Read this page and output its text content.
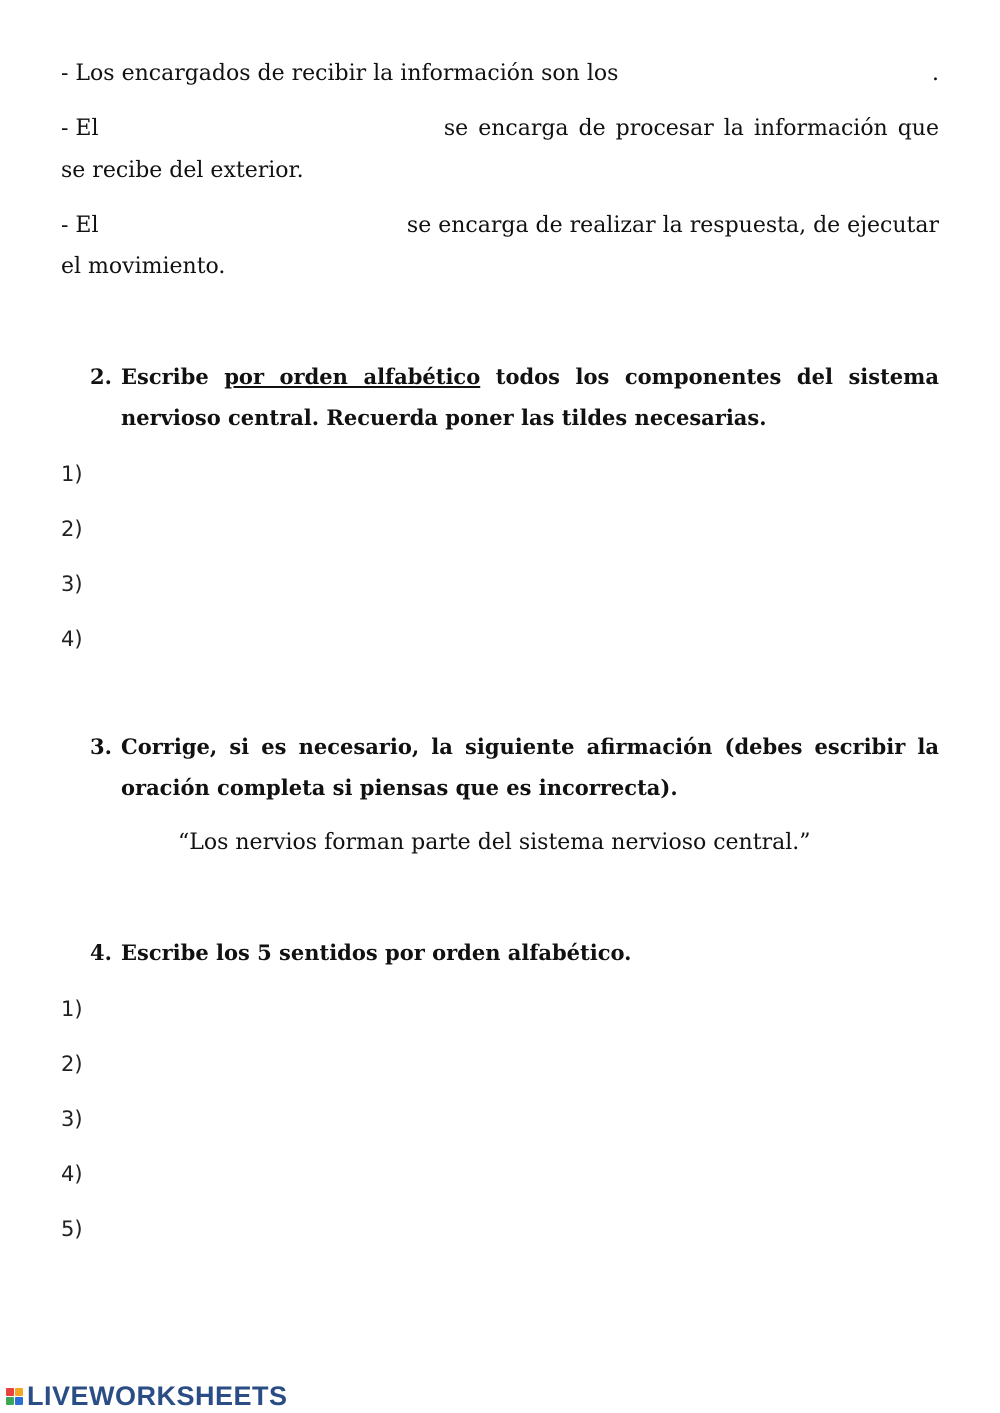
- Los encargados de recibir la información son los	.
- El	se encarga de procesar la información que
se recibe del exterior.
- El	se encarga de realizar la respuesta, de ejecutar
el movimiento.
2. Escribe por orden alfabético todos los componentes del sistema nervioso central. Recuerda poner las tildes necesarias.
1)
2)
3)
4)
3. Corrige, si es necesario, la siguiente afirmación (debes escribir la oración completa si piensas que es incorrecta).
“Los nervios forman parte del sistema nervioso central.”
4. Escribe los 5 sentidos por orden alfabético.
1)
2)
3)
4)
5)
LIVEWORKSHEETS
